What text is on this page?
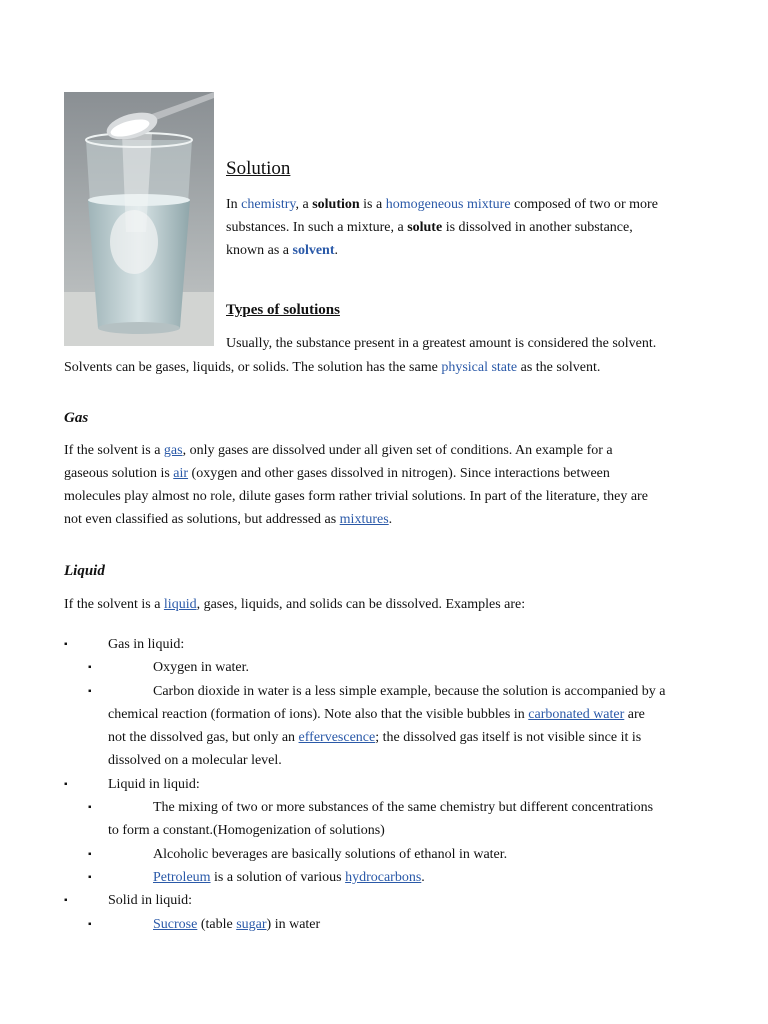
Solution
In chemistry, a solution is a homogeneous mixture composed of two or more
substances. In such a mixture, a solute is dissolved in another substance,
known as a solvent.
Types of solutions
Usually, the substance present in a greatest amount is considered the solvent.
Solvents can be gases, liquids, or solids. The solution has the same physical state as the solvent.
Gas
If the solvent is a gas, only gases are dissolved under all given set of conditions. An example for a
gaseous solution is air (oxygen and other gases dissolved in nitrogen). Since interactions between
molecules play almost no role, dilute gases form rather trivial solutions. In part of the literature, they are
not even classified as solutions, but addressed as mixtures.
Liquid
If the solvent is a liquid, gases, liquids, and solids can be dissolved. Examples are:
▪	Gas in liquid:
▪	Oxygen in water.
▪	Carbon dioxide in water is a less simple example, because the solution is accompanied by a
chemical reaction (formation of ions). Note also that the visible bubbles in carbonated water are
not the dissolved gas, but only an effervescence; the dissolved gas itself is not visible since it is
dissolved on a molecular level.
▪	Liquid in liquid:
▪	The mixing of two or more substances of the same chemistry but different concentrations
to form a constant.(Homogenization of solutions)
▪	Alcoholic beverages are basically solutions of ethanol in water.
▪	Petroleum is a solution of various hydrocarbons.
▪	Solid in liquid:
▪	Sucrose (table sugar) in water
